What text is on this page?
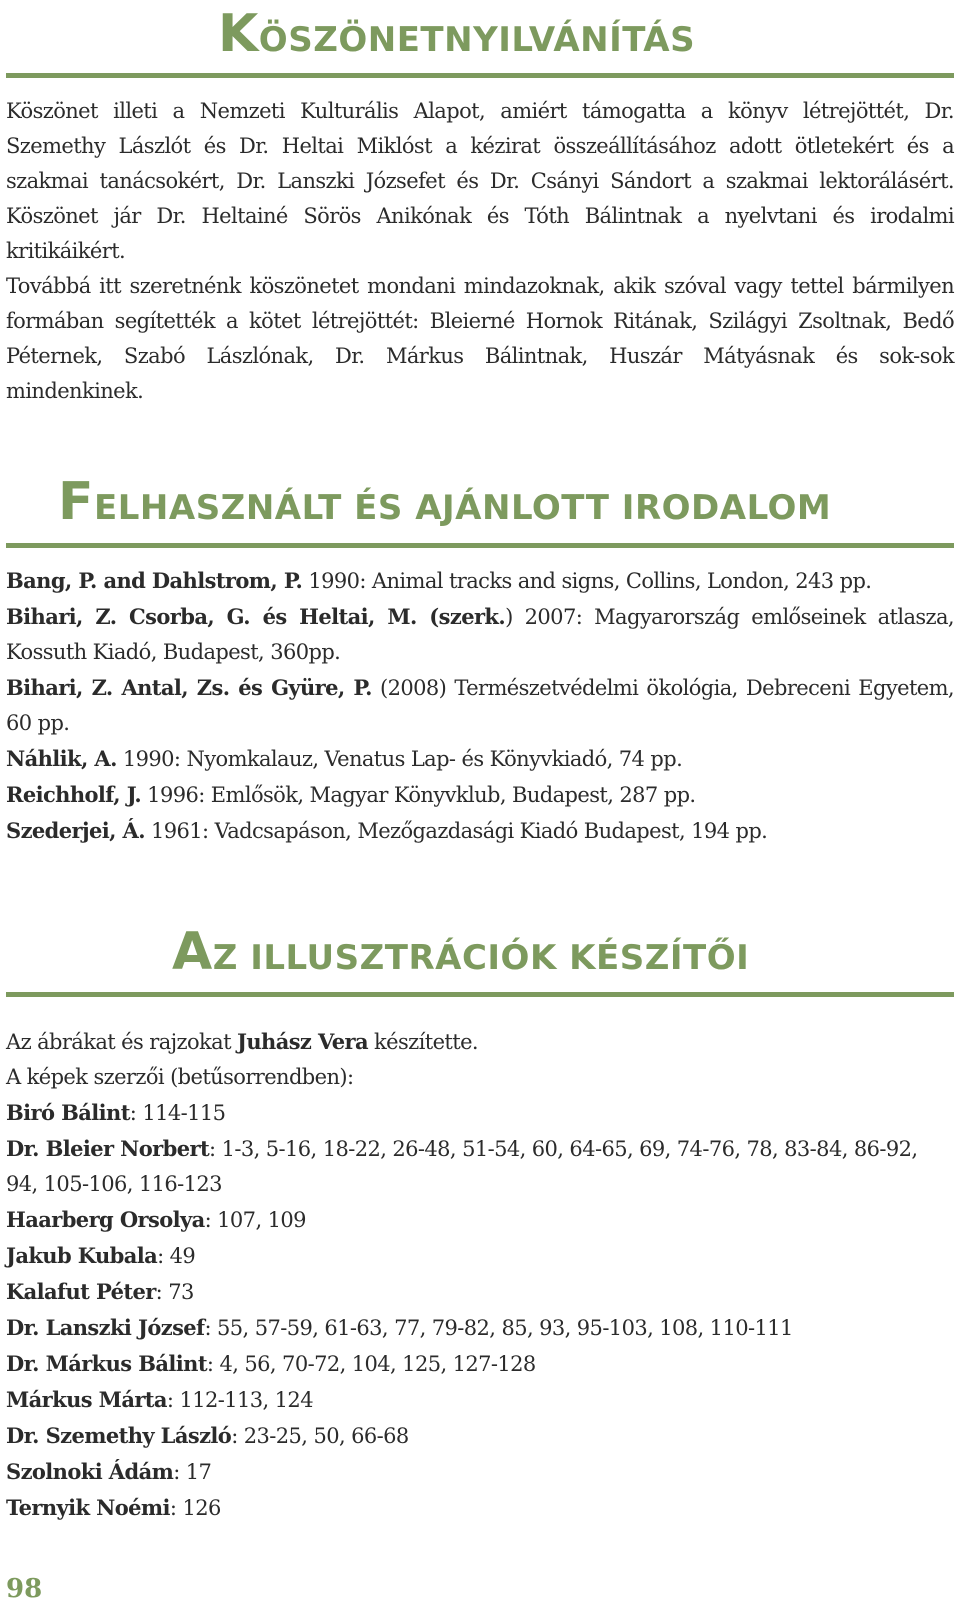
KÖSZÖNETNYILVÁNÍTÁS

Köszönet illeti a Nemzeti Kulturális Alapot, amiért támogatta a könyv létrejöttét, Dr. Szemethy Lászlót és Dr. Heltai Miklóst a kézirat összeállításához adott ötletekért és a szakmai tanácsokért, Dr. Lanszki Józsefet és Dr. Csányi Sándort a szakmai lektorálásért. Köszönet jár Dr. Heltainé Sörös Anikónak és Tóth Bálintnak a nyelvtani és irodalmi kritikáikért.

Továbbá itt szeretnénk köszönetet mondani mindazoknak, akik szóval vagy tettel bármilyen formában segítették a kötet létrejöttét: Bleierné Hornok Ritának, Szilágyi Zsoltnak, Bedő Péternek, Szabó Lászlónak, Dr. Márkus Bálintnak, Huszár Mátyásnak és sok-sok mindenkinek.

FELHASZNÁLT ÉS AJÁNLOTT IRODALOM

Bang, P. and Dahlstrom, P. 1990: Animal tracks and signs, Collins, London, 243 pp.

Bihari, Z. Csorba, G. és Heltai, M. (szerk.) 2007: Magyarország emlőseinek atlasza, Kossuth Kiadó, Budapest, 360pp.

Bihari, Z. Antal, Zs. és Gyüre, P. (2008) Természetvédelmi ökológia, Debreceni Egyetem, 60 pp.

Náhlik, A. 1990: Nyomkalauz, Venatus Lap- és Könyvkiadó, 74 pp.

Reichholf, J. 1996: Emlősök, Magyar Könyvklub, Budapest, 287 pp.

Szederjei, Á. 1961: Vadcsapáson, Mezőgazdasági Kiadó Budapest, 194 pp.

AZ ILLUSZTRÁCIÓK KÉSZÍTŐI

Az ábrákat és rajzokat Juhász Vera készítette.

A képek szerzői (betűsorrendben):

Biró Bálint: 114-115

Dr. Bleier Norbert: 1-3, 5-16, 18-22, 26-48, 51-54, 60, 64-65, 69, 74-76, 78, 83-84, 86-92, 94, 105-106, 116-123

Haarberg Orsolya: 107, 109

Jakub Kubala: 49

Kalafut Péter: 73

Dr. Lanszki József: 55, 57-59, 61-63, 77, 79-82, 85, 93, 95-103, 108, 110-111

Dr. Márkus Bálint: 4, 56, 70-72, 104, 125, 127-128

Márkus Márta: 112-113, 124

Dr. Szemethy László: 23-25, 50, 66-68

Szolnoki Ádám: 17

Ternyik Noémi: 126

98
